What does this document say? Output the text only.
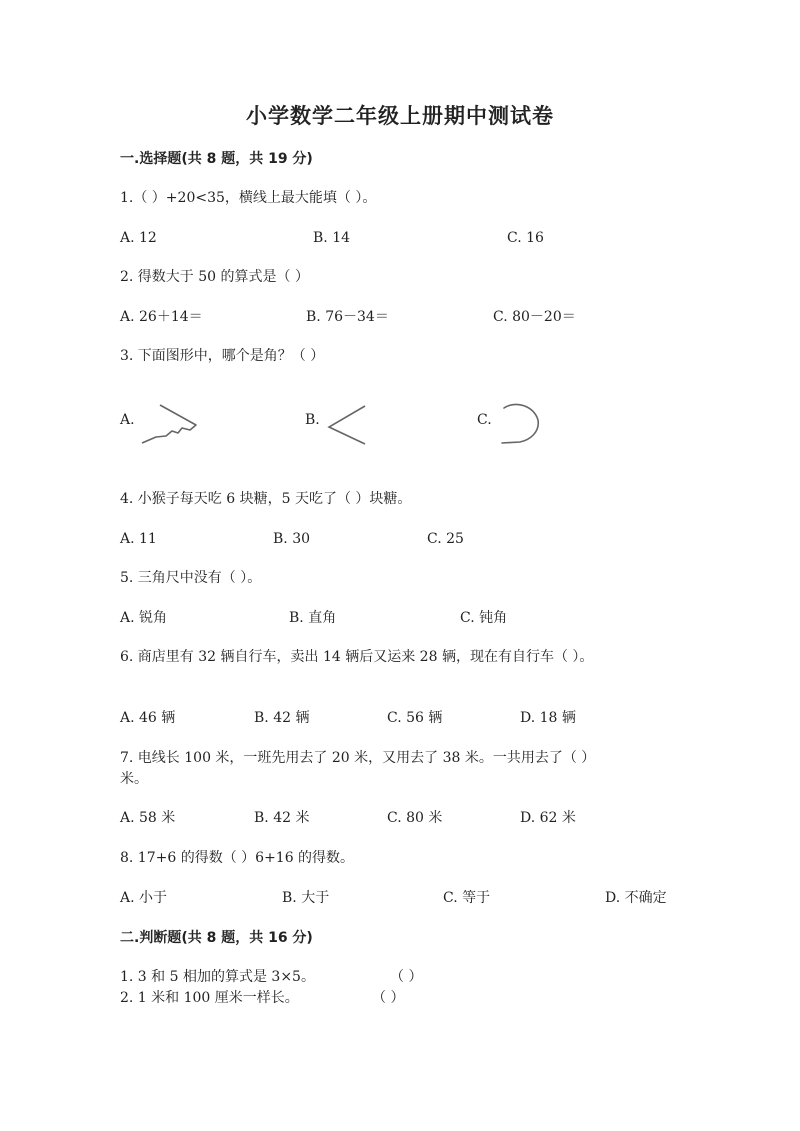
小学数学二年级上册期中测试卷
一.选择题(共 8 题，共 19 分)
1.（ ）+20<35，横线上最大能填（ ）。
A. 12	B. 14	C. 16
2. 得数大于 50 的算式是（ ）
A. 26＋14＝	B. 76－34＝	C. 80－20＝
3. 下面图形中，哪个是角？（ ）
A.	B.	C.
4. 小猴子每天吃 6 块糖，5 天吃了（ ）块糖。
A. 11	B. 30	C. 25
5. 三角尺中没有（ ）。
A. 锐角	B. 直角	C. 钝角
6. 商店里有 32 辆自行车，卖出 14 辆后又运来 28 辆，现在有自行车（ ）。
A. 46 辆	B. 42 辆	C. 56 辆	D. 18 辆
7. 电线长 100 米，一班先用去了 20 米，又用去了 38 米。一共用去了（ ）
米。
A. 58 米	B. 42 米	C. 80 米	D. 62 米
8. 17+6 的得数（ ）6+16 的得数。
A. 小于	B. 大于	C. 等于	D. 不确定
二.判断题(共 8 题，共 16 分)
1. 3 和 5 相加的算式是 3×5。	（ ）
2. 1 米和 100 厘米一样长。	（ ）
